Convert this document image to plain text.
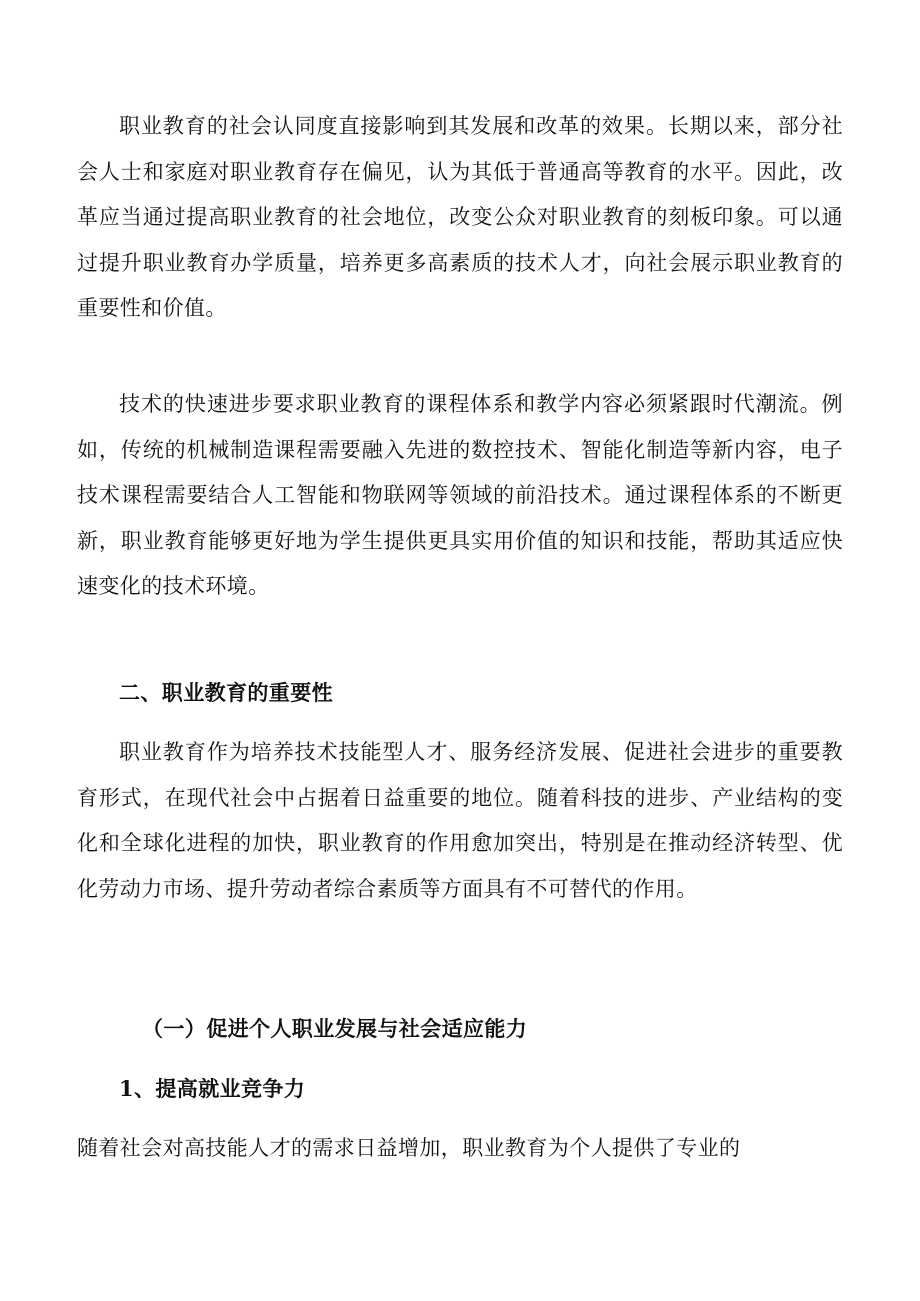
职业教育的社会认同度直接影响到其发展和改革的效果。长期以来，部分社会人士和家庭对职业教育存在偏见，认为其低于普通高等教育的水平。因此，改革应当通过提高职业教育的社会地位，改变公众对职业教育的刻板印象。可以通过提升职业教育办学质量，培养更多高素质的技术人才，向社会展示职业教育的重要性和价值。

技术的快速进步要求职业教育的课程体系和教学内容必须紧跟时代潮流。例如，传统的机械制造课程需要融入先进的数控技术、智能化制造等新内容，电子技术课程需要结合人工智能和物联网等领域的前沿技术。通过课程体系的不断更新，职业教育能够更好地为学生提供更具实用价值的知识和技能，帮助其适应快速变化的技术环境。

二、职业教育的重要性

职业教育作为培养技术技能型人才、服务经济发展、促进社会进步的重要教育形式，在现代社会中占据着日益重要的地位。随着科技的进步、产业结构的变化和全球化进程的加快，职业教育的作用愈加突出，特别是在推动经济转型、优化劳动力市场、提升劳动者综合素质等方面具有不可替代的作用。

（一）促进个人职业发展与社会适应能力
1、提高就业竞争力

随着社会对高技能人才的需求日益增加，职业教育为个人提供了专业的
